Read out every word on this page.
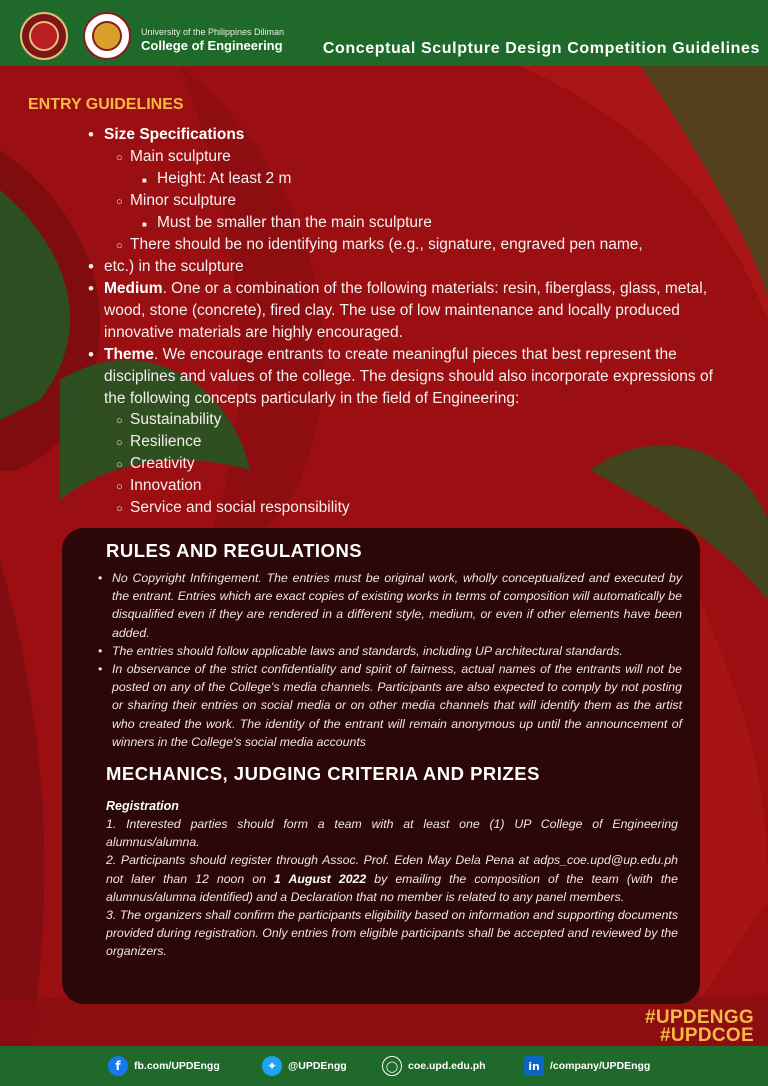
University of the Philippines Diliman
College of Engineering	Conceptual Sculpture Design Competition Guidelines
ENTRY GUIDELINES
• Size Specifications
○ Main sculpture
■ Height: At least 2 m
○ Minor sculpture
■ Must be smaller than the main sculpture
○ There should be no identifying marks (e.g., signature, engraved pen name,
• etc.) in the sculpture
• Medium. One or a combination of the following materials: resin, fiberglass, glass, metal,
wood, stone (concrete), fired clay. The use of low maintenance and locally produced
innovative materials are highly encouraged.
• Theme. We encourage entrants to create meaningful pieces that best represent the
disciplines and values of the college. The designs should also incorporate expressions of
the following concepts particularly in the field of Engineering:
○ Sustainability
○ Resilience
○ Creativity
○ Innovation
○ Service and social responsibility
RULES AND REGULATIONS
• No Copyright Infringement. The entries must be original work, wholly conceptualized and executed by the entrant. Entries which are exact copies of existing works in terms of composition will automatically be disqualified even if they are rendered in a different style, medium, or even if other elements have been added.
• The entries should follow applicable laws and standards, including UP architectural standards.
• In observance of the strict confidentiality and spirit of fairness, actual names of the entrants will not be posted on any of the College's media channels. Participants are also expected to comply by not posting or sharing their entries on social media or on other media channels that will identify them as the artist who created the work. The identity of the entrant will remain anonymous up until the announcement of winners in the College's social media accounts
MECHANICS, JUDGING CRITERIA AND PRIZES
Registration

1. Interested parties should form a team with at least one (1) UP College of Engineering alumnus/alumna.

2. Participants should register through Assoc. Prof. Eden May Dela Pena at adps_coe.upd@up.edu.ph not later than 12 noon on 1 August 2022 by emailing the composition of the team (with the alumnus/alumna identified) and a Declaration that no member is related to any panel members.

3. The organizers shall confirm the participants eligibility based on information and supporting documents provided during registration. Only entries from eligible participants shall be accepted and reviewed by the organizers.

#UPDENGG
#UPDCOE
f	fb.com/UPDEngg	✦	@UPDEngg	◯ coe.upd.edu.ph	in /company/UPDEngg
